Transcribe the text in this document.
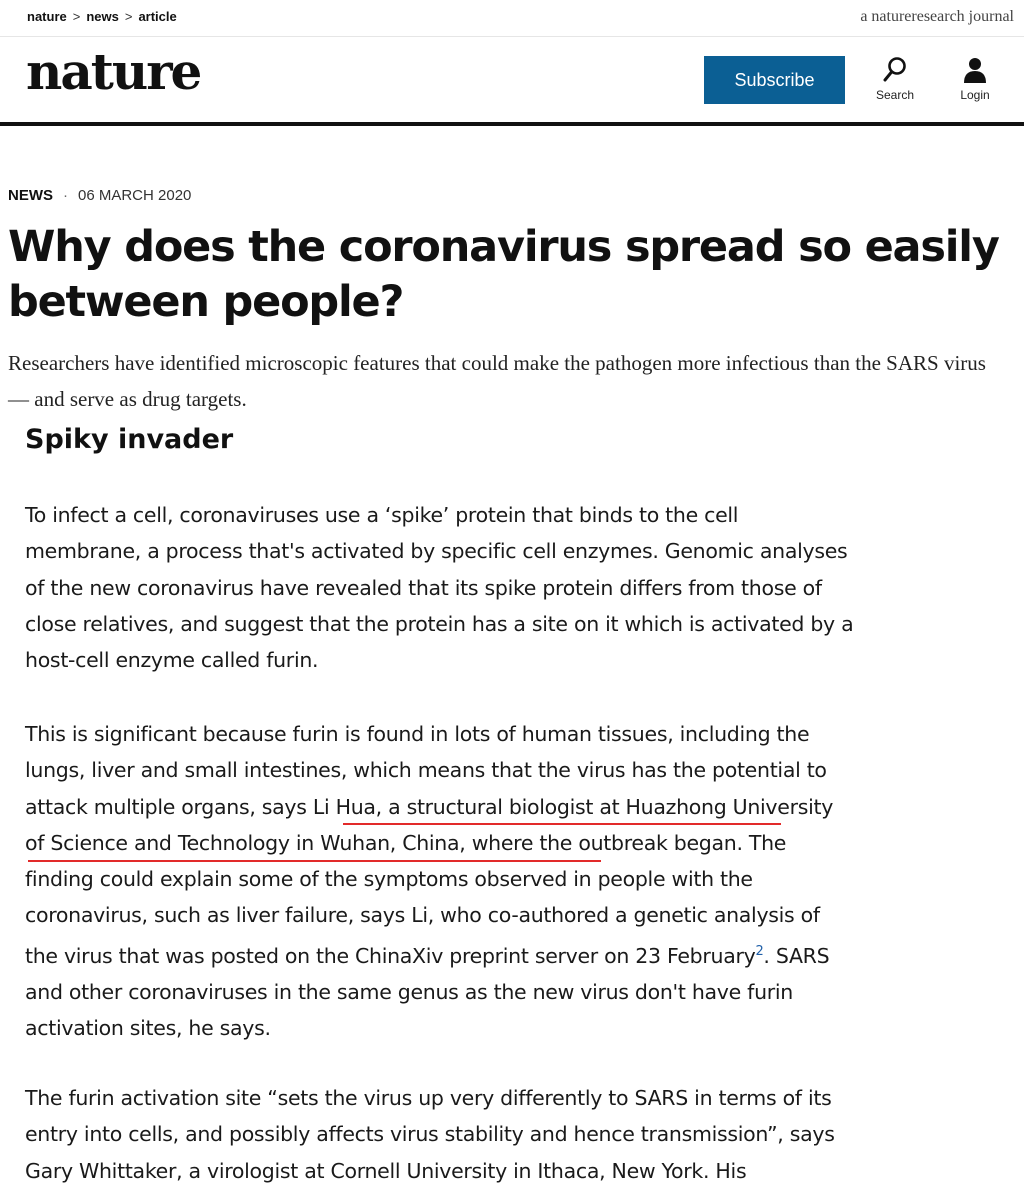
nature > news > article	a natureresearch journal
nature	Subscribe
Search	Login
NEWS · 06 MARCH 2020
Why does the coronavirus spread so easily between people?

Researchers have identified microscopic features that could make the pathogen more infectious than the SARS virus — and serve as drug targets.

Spiky invader

To infect a cell, coronaviruses use a ‘spike’ protein that binds to the cell membrane, a process that's activated by specific cell enzymes. Genomic analyses of the new coronavirus have revealed that its spike protein differs from those of close relatives, and suggest that the protein has a site on it which is activated by a host-cell enzyme called furin.

This is significant because furin is found in lots of human tissues, including the lungs, liver and small intestines, which means that the virus has the potential to attack multiple organs, says Li Hua, a structural biologist at Huazhong University of Science and Technology in Wuhan, China, where the outbreak began. The finding could explain some of the symptoms observed in people with the coronavirus, such as liver failure, says Li, who co-authored a genetic analysis of the virus that was posted on the ChinaXiv preprint server on 23 February$^2$. SARS and other coronaviruses in the same genus as the new virus don't have furin activation sites, he says.

The furin activation site “sets the virus up very differently to SARS in terms of its entry into cells, and possibly affects virus stability and hence transmission”, says Gary Whittaker, a virologist at Cornell University in Ithaca, New York. His
